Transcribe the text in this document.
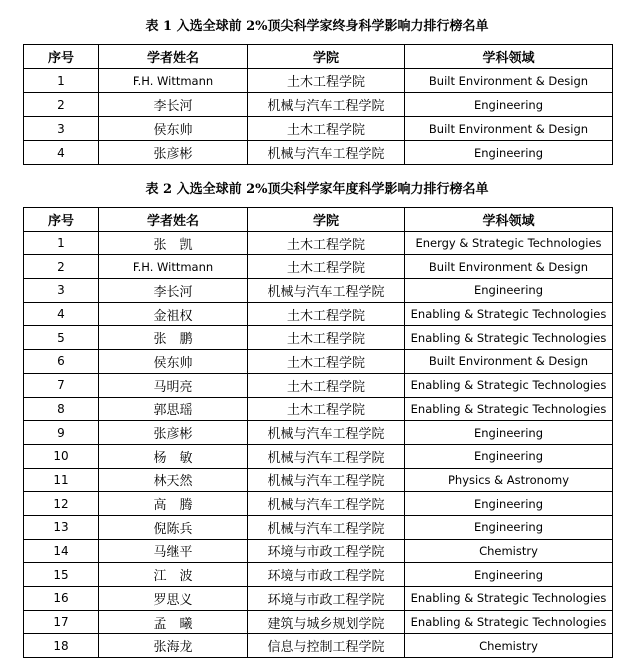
表 1 入选全球前 2%顶尖科学家终身科学影响力排行榜名单
序号	学者姓名	学院	学科领域
1	F.H. Wittmann	土木工程学院	Built Environment & Design
2	李长河	机械与汽车工程学院	Engineering
3	侯东帅	土木工程学院	Built Environment & Design
4	张彦彬	机械与汽车工程学院	Engineering
表 2 入选全球前 2%顶尖科学家年度科学影响力排行榜名单
序号	学者姓名	学院	学科领域
1	张　凯	土木工程学院	Energy & Strategic Technologies
2	F.H. Wittmann	土木工程学院	Built Environment & Design
3	李长河	机械与汽车工程学院	Engineering
4	金祖权	土木工程学院	Enabling & Strategic Technologies
5	张　鹏	土木工程学院	Enabling & Strategic Technologies
6	侯东帅	土木工程学院	Built Environment & Design
7	马明亮	土木工程学院	Enabling & Strategic Technologies
8	郭思瑶	土木工程学院	Enabling & Strategic Technologies
9	张彦彬	机械与汽车工程学院	Engineering
10	杨　敏	机械与汽车工程学院	Engineering
11	林天然	机械与汽车工程学院	Physics & Astronomy
12	高　腾	机械与汽车工程学院	Engineering
13	倪陈兵	机械与汽车工程学院	Engineering
14	马继平	环境与市政工程学院	Chemistry
15	江　波	环境与市政工程学院	Engineering
16	罗思义	环境与市政工程学院	Enabling & Strategic Technologies
17	孟　曦	建筑与城乡规划学院	Enabling & Strategic Technologies
18	张海龙	信息与控制工程学院	Chemistry
